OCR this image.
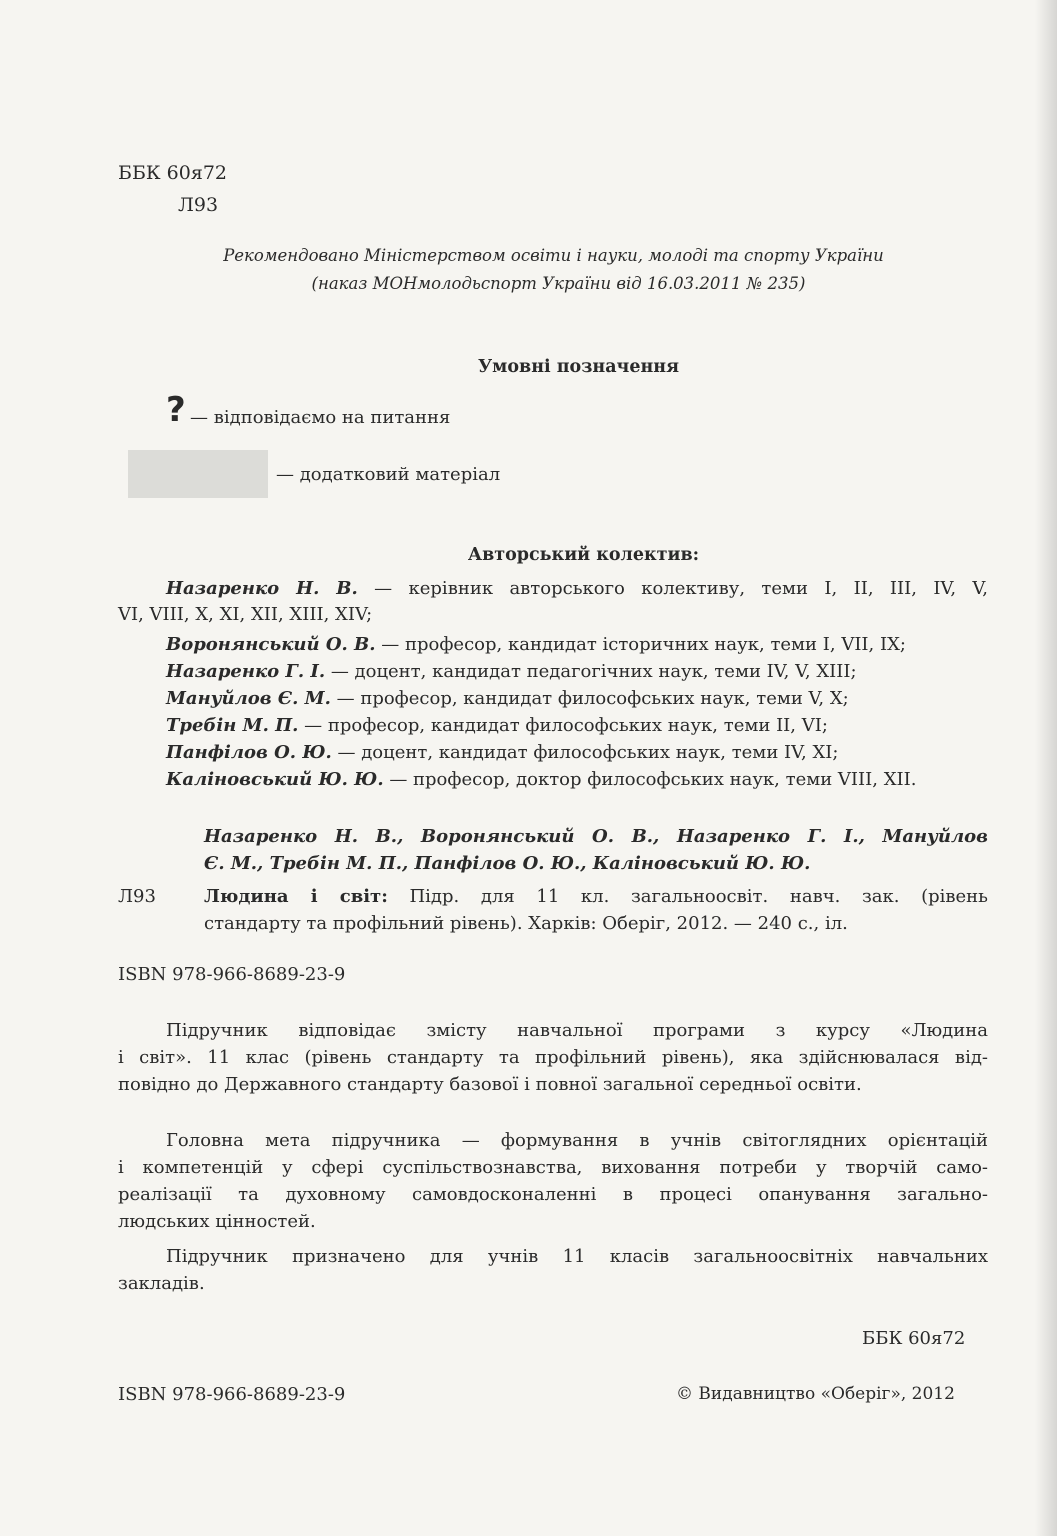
ББК 60я72
Л93
Рекомендовано Міністерством освіти і науки, молоді та спорту України
(наказ МОНмолодьспорт України від 16.03.2011 № 235)
Умовні позначення
? — відповідаємо на питання
— додатковий матеріал
Авторський колектив:
Назаренко Н. В. — керівник авторського колективу, теми I, II, III, IV, V,
VI, VIII, X, XI, XII, XIII, XIV;
Воронянський О. В. — професор, кандидат історичних наук, теми I, VII, IX;
Назаренко Г. І. — доцент, кандидат педагогічних наук, теми IV, V, XIII;
Мануйлов Є. М. — професор, кандидат философських наук, теми V, X;
Требін М. П. — професор, кандидат философських наук, теми II, VI;
Панфілов О. Ю. — доцент, кандидат философських наук, теми IV, XI;
Каліновський Ю. Ю. — професор, доктор философських наук, теми VIII, XII.
Назаренко Н. В., Воронянський О. В., Назаренко Г. І., Мануйлов
Є. М., Требін М. П., Панфілов О. Ю., Каліновський Ю. Ю.
Л93	Людина і світ: Підр. для 11 кл. загальноосвіт. навч. зак. (рівень
стандарту та профільний рівень). Харків: Оберіг, 2012. — 240 с., іл.
ISBN 978-966-8689-23-9
Підручник відповідає змісту навчальної програми з курсу «Людина
і світ». 11 клас (рівень стандарту та профільний рівень), яка здійснювалася від-
повідно до Державного стандарту базової і повної загальної середньої освіти.
Головна мета підручника — формування в учнів світоглядних орієнтацій
і компетенцій у сфері суспільствознавства, виховання потреби у творчій само-
реалізації та духовному самовдосконаленні в процесі опанування загально-
людських цінностей.
Підручник призначено для учнів 11 класів загальноосвітніх навчальних
закладів.
ББК 60я72
ISBN 978-966-8689-23-9	© Видавництво «Оберіг», 2012
